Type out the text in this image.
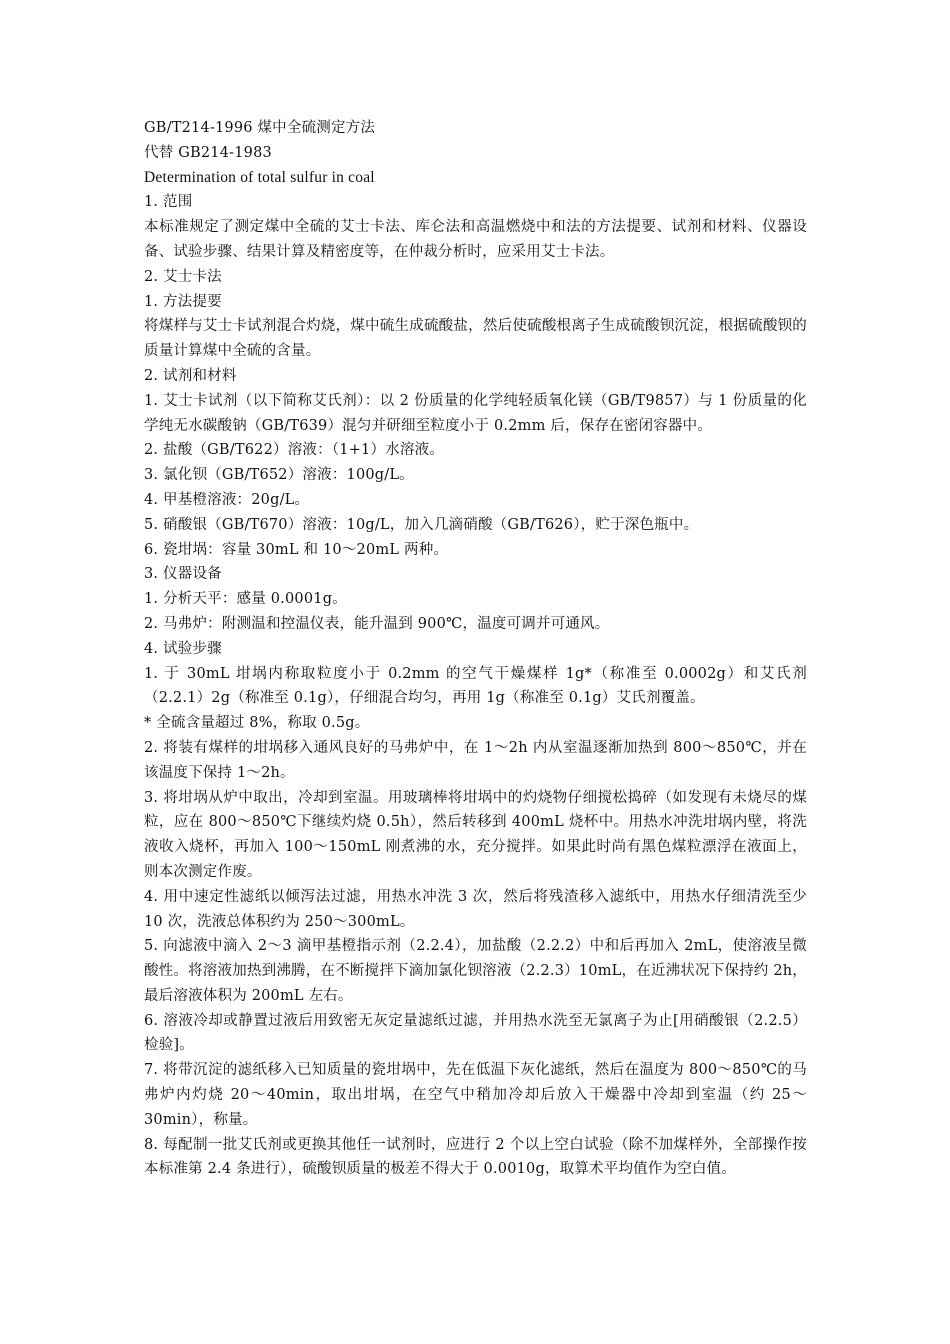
GB/T214-1996 煤中全硫测定方法

代替 GB214-1983

Determination of total sulfur in coal

1. 范围

本标准规定了测定煤中全硫的艾士卡法、库仑法和高温燃烧中和法的方法提要、试剂和材料、仪器设备、试验步骤、结果计算及精密度等，在仲裁分析时，应采用艾士卡法。

2. 艾士卡法

1. 方法提要

将煤样与艾士卡试剂混合灼烧，煤中硫生成硫酸盐，然后使硫酸根离子生成硫酸钡沉淀，根据硫酸钡的质量计算煤中全硫的含量。

2. 试剂和材料

1. 艾士卡试剂（以下简称艾氏剂）：以 2 份质量的化学纯轻质氧化镁（GB/T9857）与 1 份质量的化学纯无水碳酸钠（GB/T639）混匀并研细至粒度小于 0.2mm 后，保存在密闭容器中。

2. 盐酸（GB/T622）溶液：（1+1）水溶液。

3. 氯化钡（GB/T652）溶液：100g/L。

4. 甲基橙溶液：20g/L。

5. 硝酸银（GB/T670）溶液：10g/L，加入几滴硝酸（GB/T626），贮于深色瓶中。

6. 瓷坩埚：容量 30mL 和 10～20mL 两种。

3. 仪器设备

1. 分析天平：感量 0.0001g。

2. 马弗炉：附测温和控温仪表，能升温到 900℃，温度可调并可通风。

4. 试验步骤

1. 于 30mL 坩埚内称取粒度小于 0.2mm 的空气干燥煤样 1g*（称准至 0.0002g）和艾氏剂（2.2.1）2g（称准至 0.1g），仔细混合均匀，再用 1g（称准至 0.1g）艾氏剂覆盖。

* 全硫含量超过 8%，称取 0.5g。

2. 将装有煤样的坩埚移入通风良好的马弗炉中，在 1～2h 内从室温逐渐加热到 800～850℃，并在该温度下保持 1～2h。

3. 将坩埚从炉中取出，冷却到室温。用玻璃棒将坩埚中的灼烧物仔细搅松捣碎（如发现有未烧尽的煤粒，应在 800～850℃下继续灼烧 0.5h），然后转移到 400mL 烧杯中。用热水冲洗坩埚内壁，将洗液收入烧杯，再加入 100～150mL 刚煮沸的水，充分搅拌。如果此时尚有黑色煤粒漂浮在液面上，则本次测定作废。

4. 用中速定性滤纸以倾泻法过滤，用热水冲洗 3 次，然后将残渣移入滤纸中，用热水仔细清洗至少 10 次，洗液总体积约为 250～300mL。

5. 向滤液中滴入 2～3 滴甲基橙指示剂（2.2.4），加盐酸（2.2.2）中和后再加入 2mL，使溶液呈微酸性。将溶液加热到沸腾，在不断搅拌下滴加氯化钡溶液（2.2.3）10mL，在近沸状况下保持约 2h，最后溶液体积为 200mL 左右。

6. 溶液冷却或静置过液后用致密无灰定量滤纸过滤，并用热水洗至无氯离子为止[用硝酸银（2.2.5）检验]。

7. 将带沉淀的滤纸移入已知质量的瓷坩埚中，先在低温下灰化滤纸，然后在温度为 800～850℃的马弗炉内灼烧 20～40min，取出坩埚，在空气中稍加冷却后放入干燥器中冷却到室温（约 25～30min），称量。

8. 每配制一批艾氏剂或更换其他任一试剂时，应进行 2 个以上空白试验（除不加煤样外，全部操作按本标准第 2.4 条进行），硫酸钡质量的极差不得大于 0.0010g，取算术平均值作为空白值。
